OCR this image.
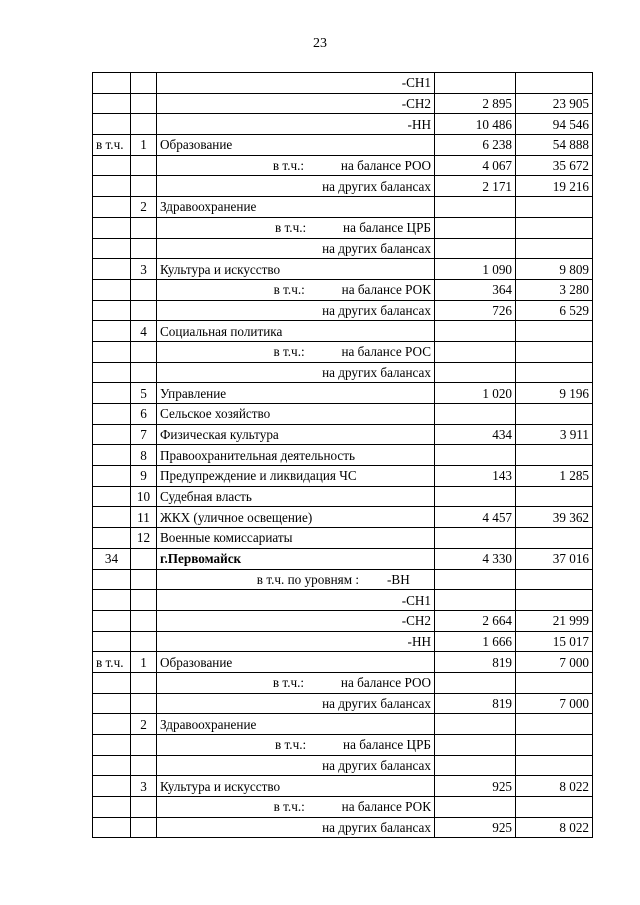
23
		-СН1		
		-СН2	2 895	23 905
		-НН	10 486	94 546
в т.ч.	1	Образование	6 238	54 888
		в т.ч.: на балансе РОО	4 067	35 672
		на других балансах	2 171	19 216
	2	Здравоохранение		
		в т.ч.: на балансе ЦРБ		
		на других балансах		
	3	Культура и искусство	1 090	9 809
		в т.ч.: на балансе РОК	364	3 280
		на других балансах	726	6 529
	4	Социальная политика		
		в т.ч.: на балансе РОС		
		на других балансах		
	5	Управление	1 020	9 196
	6	Сельское хозяйство		
	7	Физическая культура	434	3 911
	8	Правоохранительная деятельность		
	9	Предупреждение и ликвидация ЧС	143	1 285
	10	Судебная власть		
	11	ЖКХ (уличное освещение)	4 457	39 362
	12	Военные комиссариаты		
34		г.Первомайск	4 330	37 016
		в т.ч. по уровням : -ВН		
		-СН1		
		-СН2	2 664	21 999
		-НН	1 666	15 017
в т.ч.	1	Образование	819	7 000
		в т.ч.: на балансе РОО		
		на других балансах	819	7 000
	2	Здравоохранение		
		в т.ч.: на балансе ЦРБ		
		на других балансах		
	3	Культура и искусство	925	8 022
		в т.ч.: на балансе РОК		
		на других балансах	925	8 022
